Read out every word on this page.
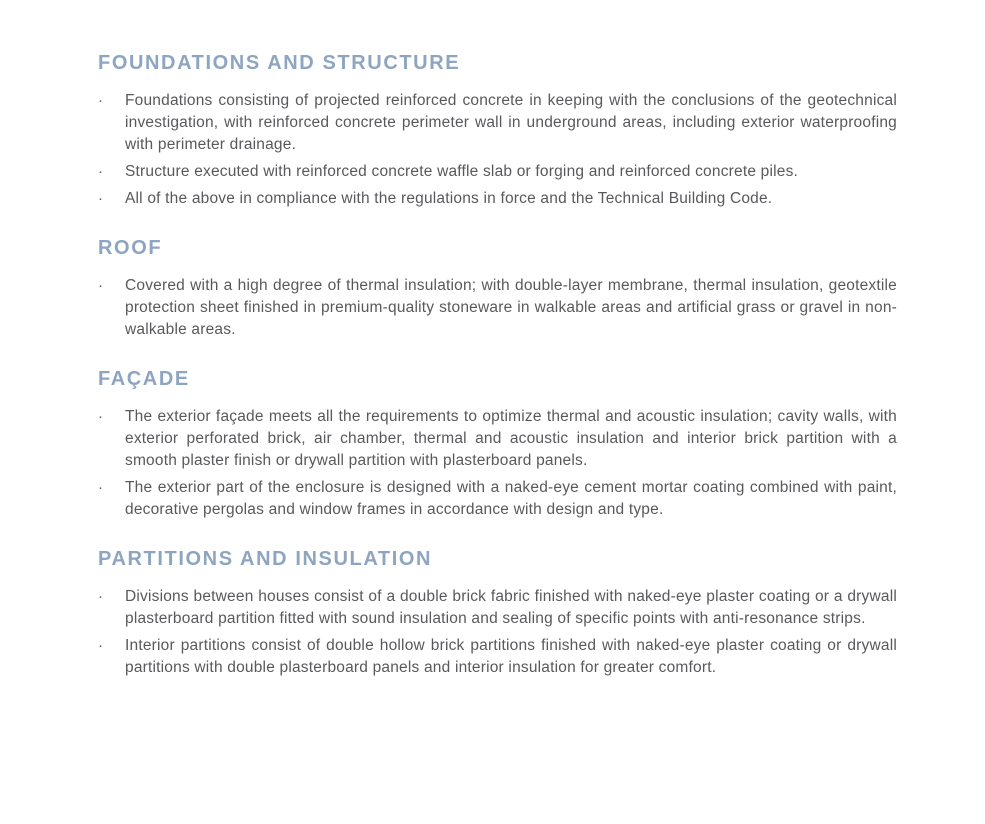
FOUNDATIONS AND STRUCTURE
·	Foundations consisting of projected reinforced concrete in keeping with the conclusions of the geotechnical investigation, with reinforced concrete perimeter wall in underground areas, including exterior waterproofing with perimeter drainage.
·	Structure executed with reinforced concrete waffle slab or forging and reinforced concrete piles.
·	All of the above in compliance with the regulations in force and the Technical Building Code.
ROOF
·	Covered with a high degree of thermal insulation; with double-layer membrane, thermal insulation, geotextile protection sheet finished in premium-quality stoneware in walkable areas and artificial grass or gravel in non-walkable areas.
FAÇADE
·	The exterior façade meets all the requirements to optimize thermal and acoustic insulation; cavity walls, with exterior perforated brick, air chamber, thermal and acoustic insulation and interior brick partition with a smooth plaster finish or drywall partition with plasterboard panels.
·	The exterior part of the enclosure is designed with a naked-eye cement mortar coating combined with paint, decorative pergolas and window frames in accordance with design and type.
PARTITIONS AND INSULATION
·	Divisions between houses consist of a double brick fabric finished with naked-eye plaster coating or a drywall plasterboard partition fitted with sound insulation and sealing of specific points with anti-resonance strips.
·	Interior partitions consist of double hollow brick partitions finished with naked-eye plaster coating or drywall partitions with double plasterboard panels and interior insulation for greater comfort.
